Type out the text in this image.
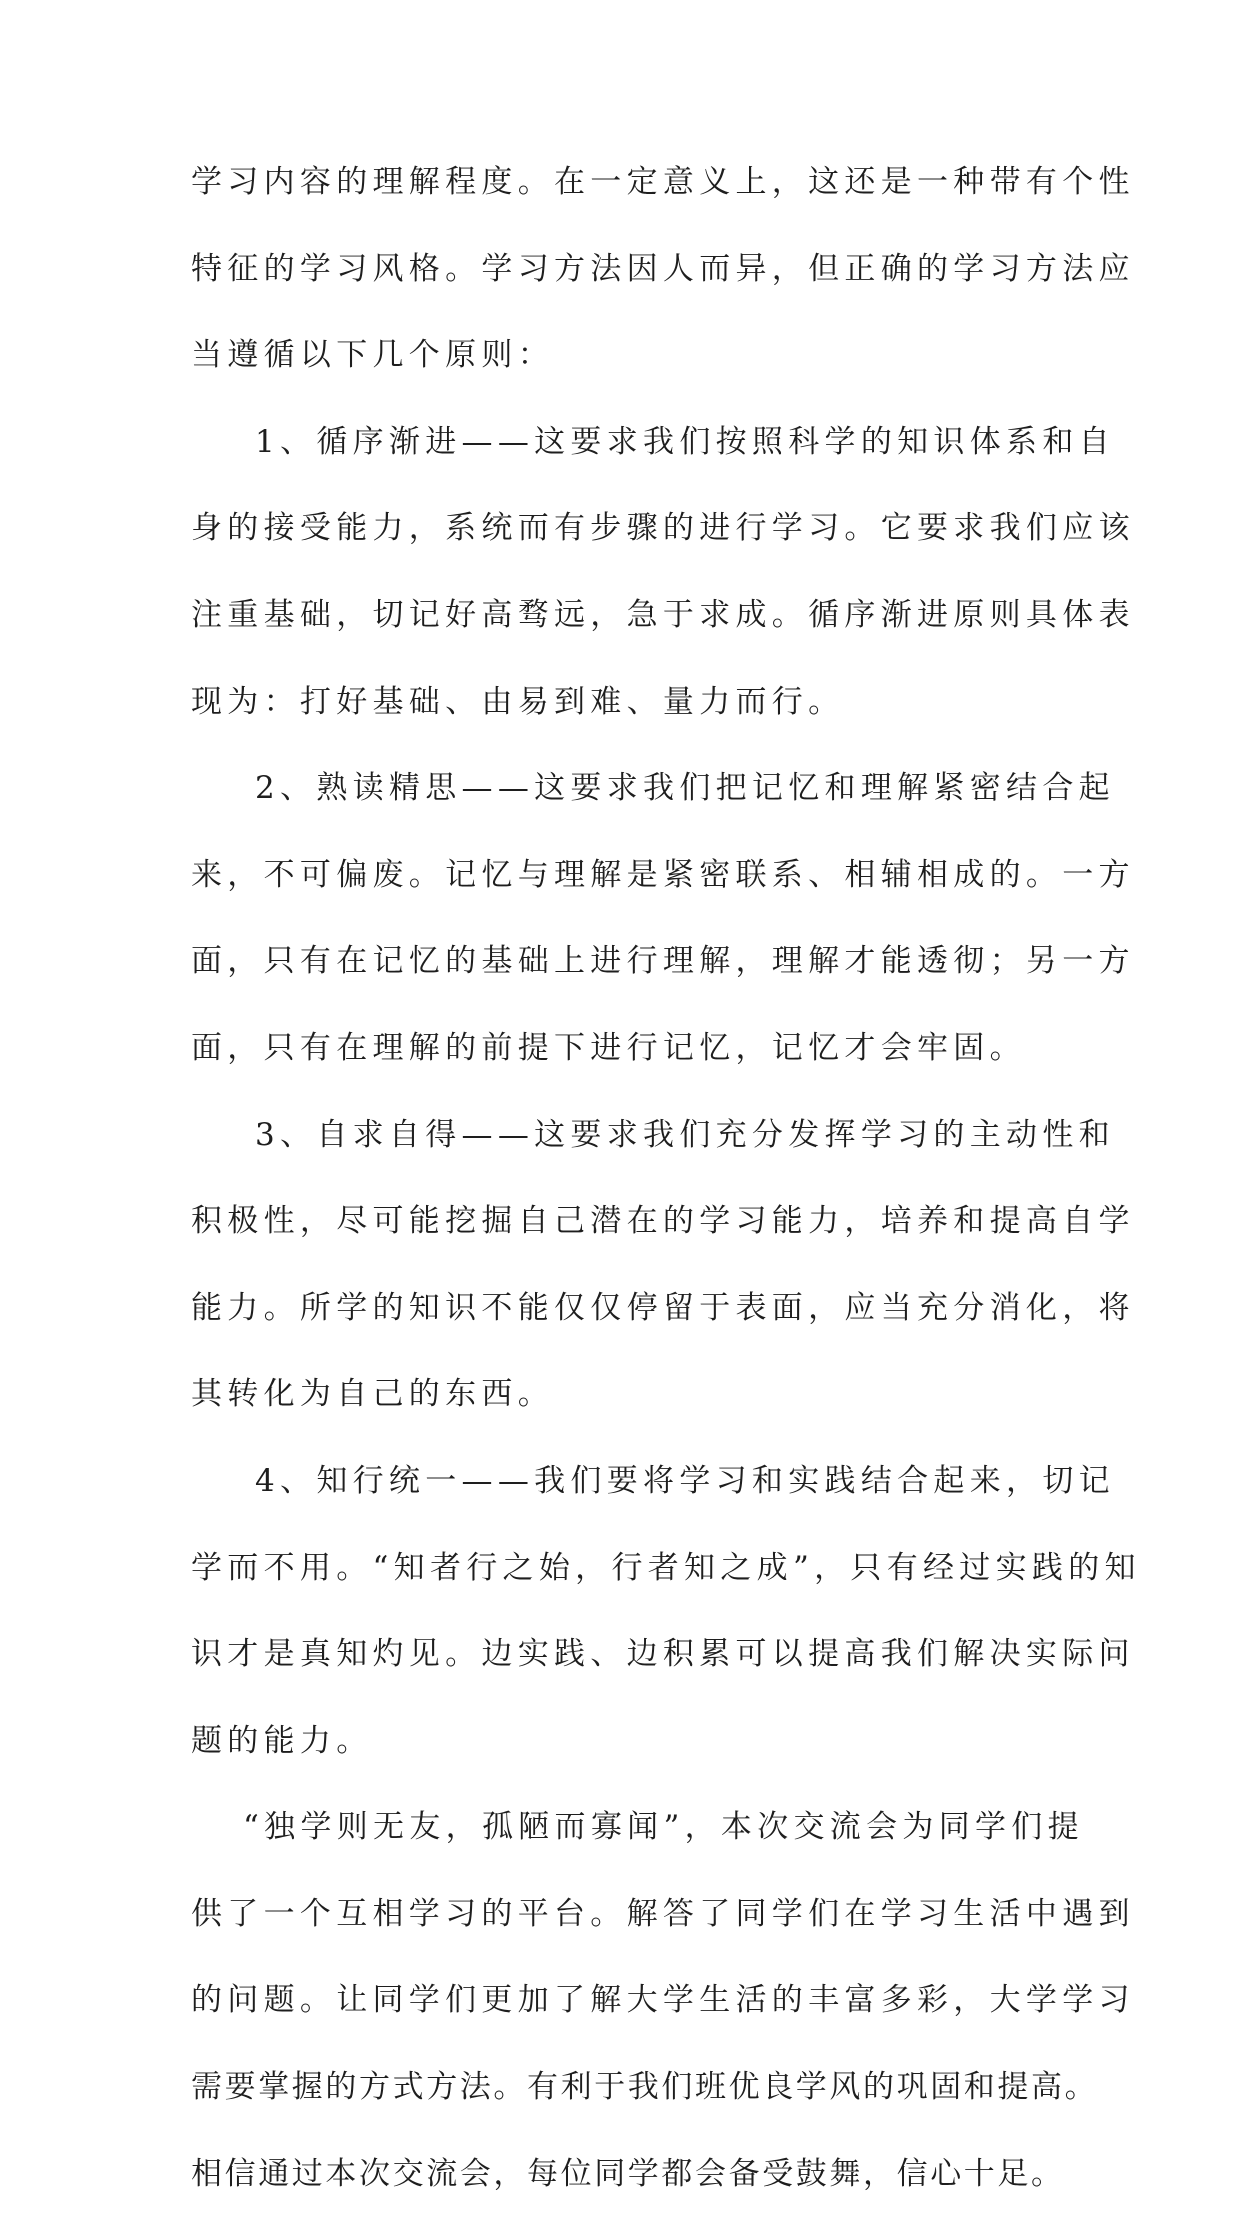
学习内容的理解程度。在一定意义上，这还是一种带有个性
特征的学习风格。学习方法因人而异，但正确的学习方法应
当遵循以下几个原则：
1、循序渐进——这要求我们按照科学的知识体系和自
身的接受能力，系统而有步骤的进行学习。它要求我们应该
注重基础，切记好高骛远，急于求成。循序渐进原则具体表
现为：打好基础、由易到难、量力而行。
2、熟读精思——这要求我们把记忆和理解紧密结合起
来，不可偏废。记忆与理解是紧密联系、相辅相成的。一方
面，只有在记忆的基础上进行理解，理解才能透彻；另一方
面，只有在理解的前提下进行记忆，记忆才会牢固。
3、自求自得——这要求我们充分发挥学习的主动性和
积极性，尽可能挖掘自己潜在的学习能力，培养和提高自学
能力。所学的知识不能仅仅停留于表面，应当充分消化，将
其转化为自己的东西。
4、知行统一——我们要将学习和实践结合起来，切记
学而不用。“知者行之始，行者知之成”，只有经过实践的知
识才是真知灼见。边实践、边积累可以提高我们解决实际问
题的能力。
“独学则无友，孤陋而寡闻”，本次交流会为同学们提
供了一个互相学习的平台。解答了同学们在学习生活中遇到
的问题。让同学们更加了解大学生活的丰富多彩，大学学习
需要掌握的方式方法。有利于我们班优良学风的巩固和提高。
相信通过本次交流会，每位同学都会备受鼓舞，信心十足。
